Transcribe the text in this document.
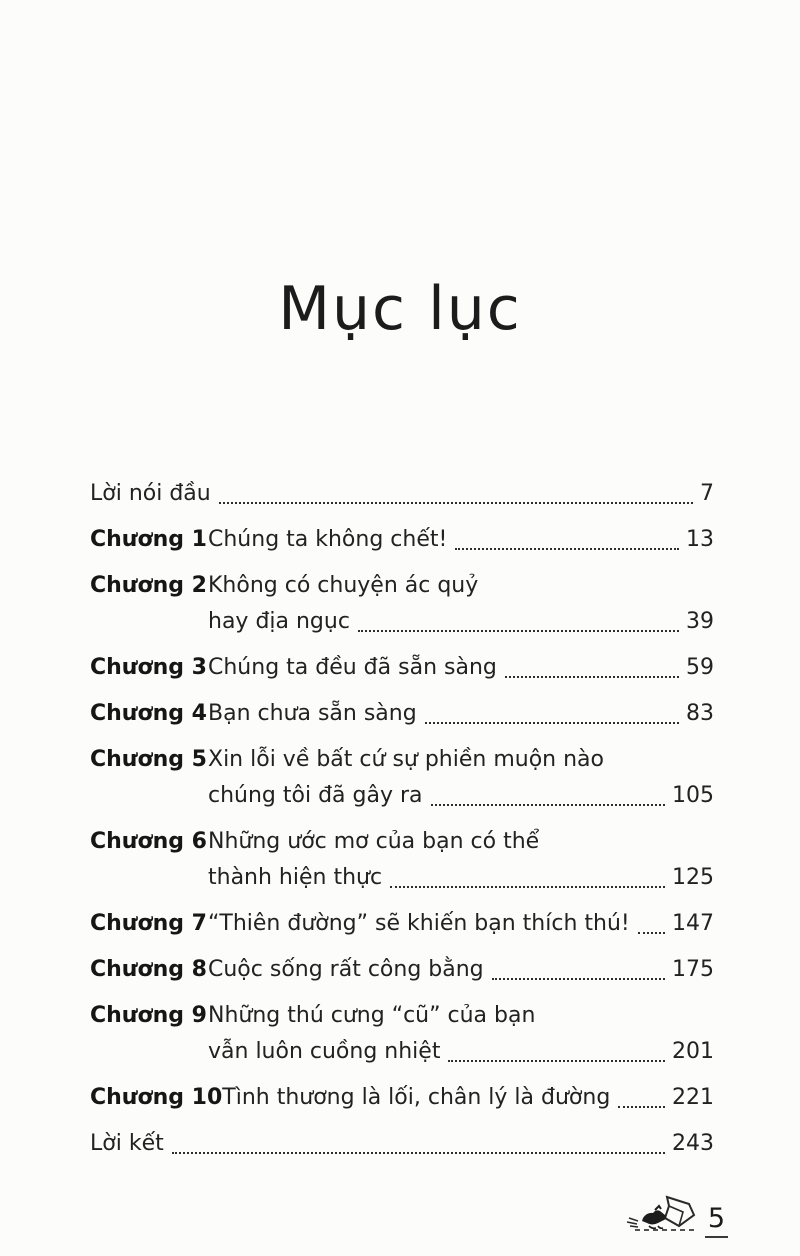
Mục lục
Lời nói đầu	7
Chương 1 Chúng ta không chết!	13
Chương 2 Không có chuyện ác quỷ
hay địa ngục	39
Chương 3 Chúng ta đều đã sẵn sàng	59
Chương 4 Bạn chưa sẵn sàng	83
Chương 5 Xin lỗi về bất cứ sự phiền muộn nào
chúng tôi đã gây ra	105
Chương 6 Những ước mơ của bạn có thể
thành hiện thực	125
Chương 7 “Thiên đường” sẽ khiến bạn thích thú! 147
Chương 8 Cuộc sống rất công bằng	175
Chương 9 Những thú cưng “cũ” của bạn
vẫn luôn cuồng nhiệt	201
Chương 10 Tình thương là lối, chân lý là đường	221
Lời kết	243
5
